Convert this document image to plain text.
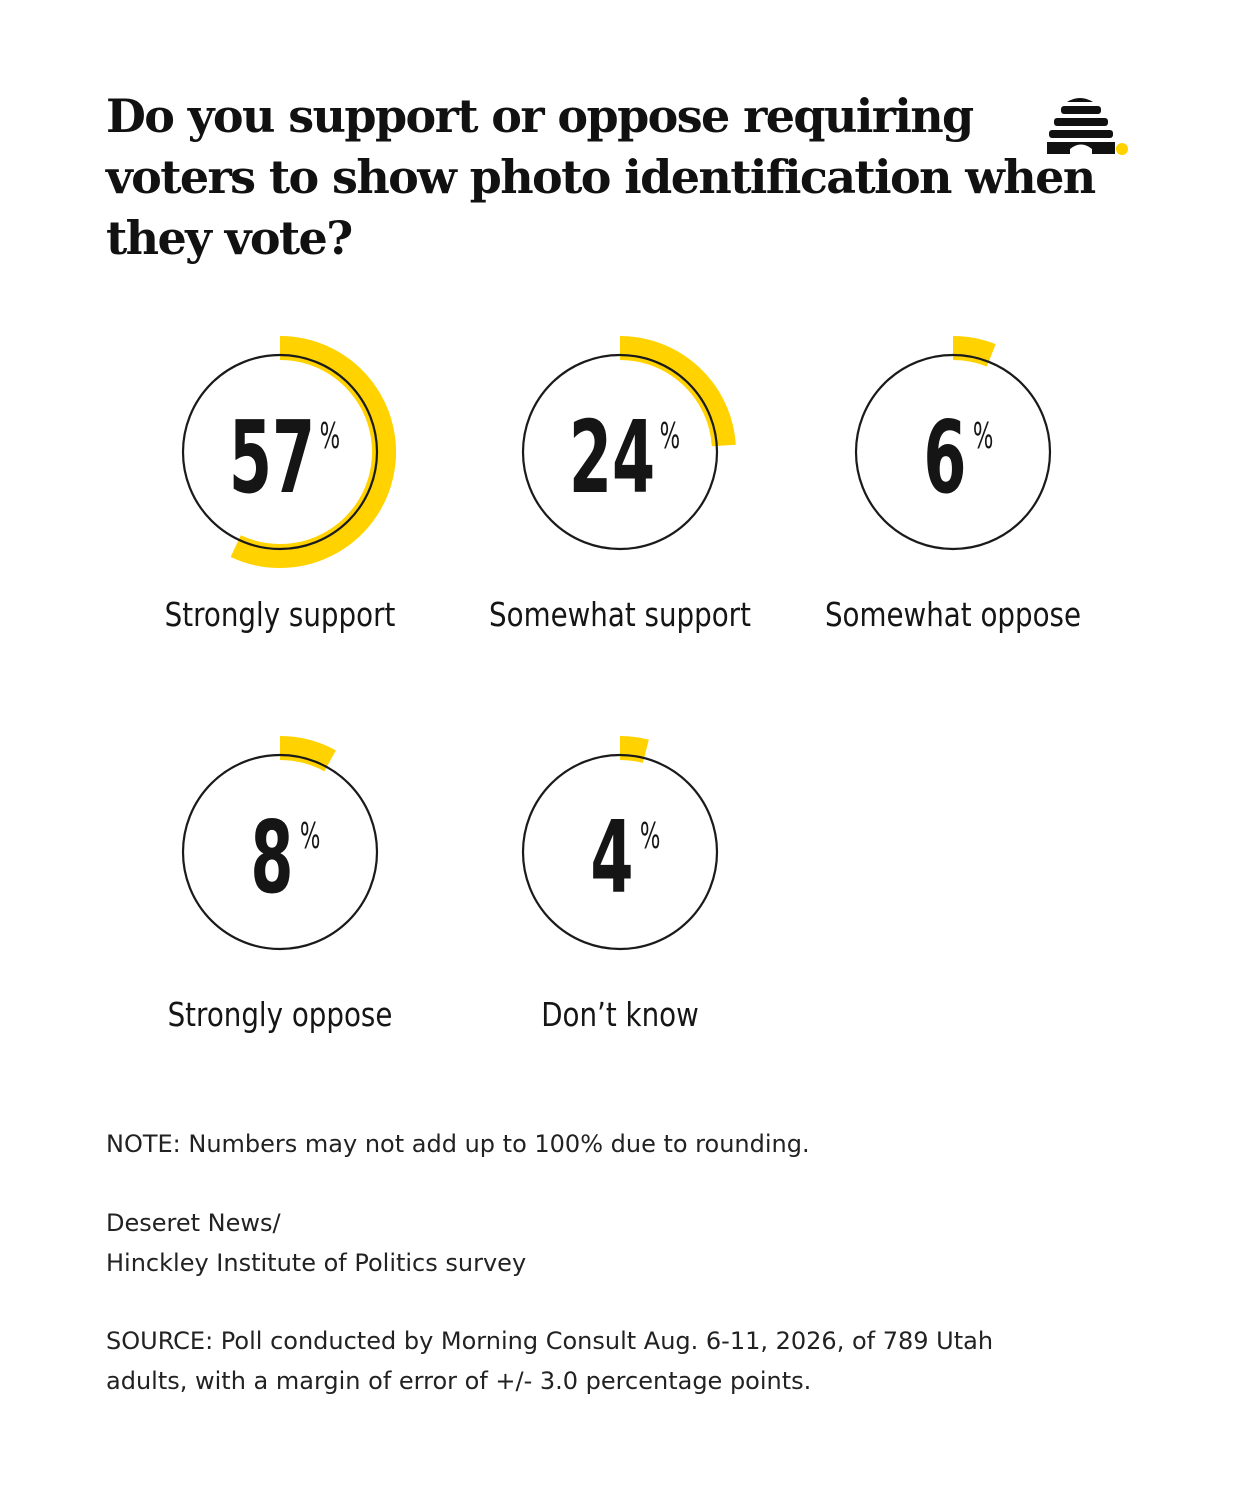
Do you support or oppose requiring
voters to show photo identification when
they vote?
57 %
Strongly support
24 %
Somewhat support
6 %
Somewhat oppose
8 %
Strongly oppose
4 %
Don’t know

NOTE: Numbers may not add up to 100% due to rounding.

Deseret News/
Hinckley Institute of Politics survey

SOURCE: Poll conducted by Morning Consult Aug. 6-11, 2026, of 789 Utah
adults, with a margin of error of +/- 3.0 percentage points.
